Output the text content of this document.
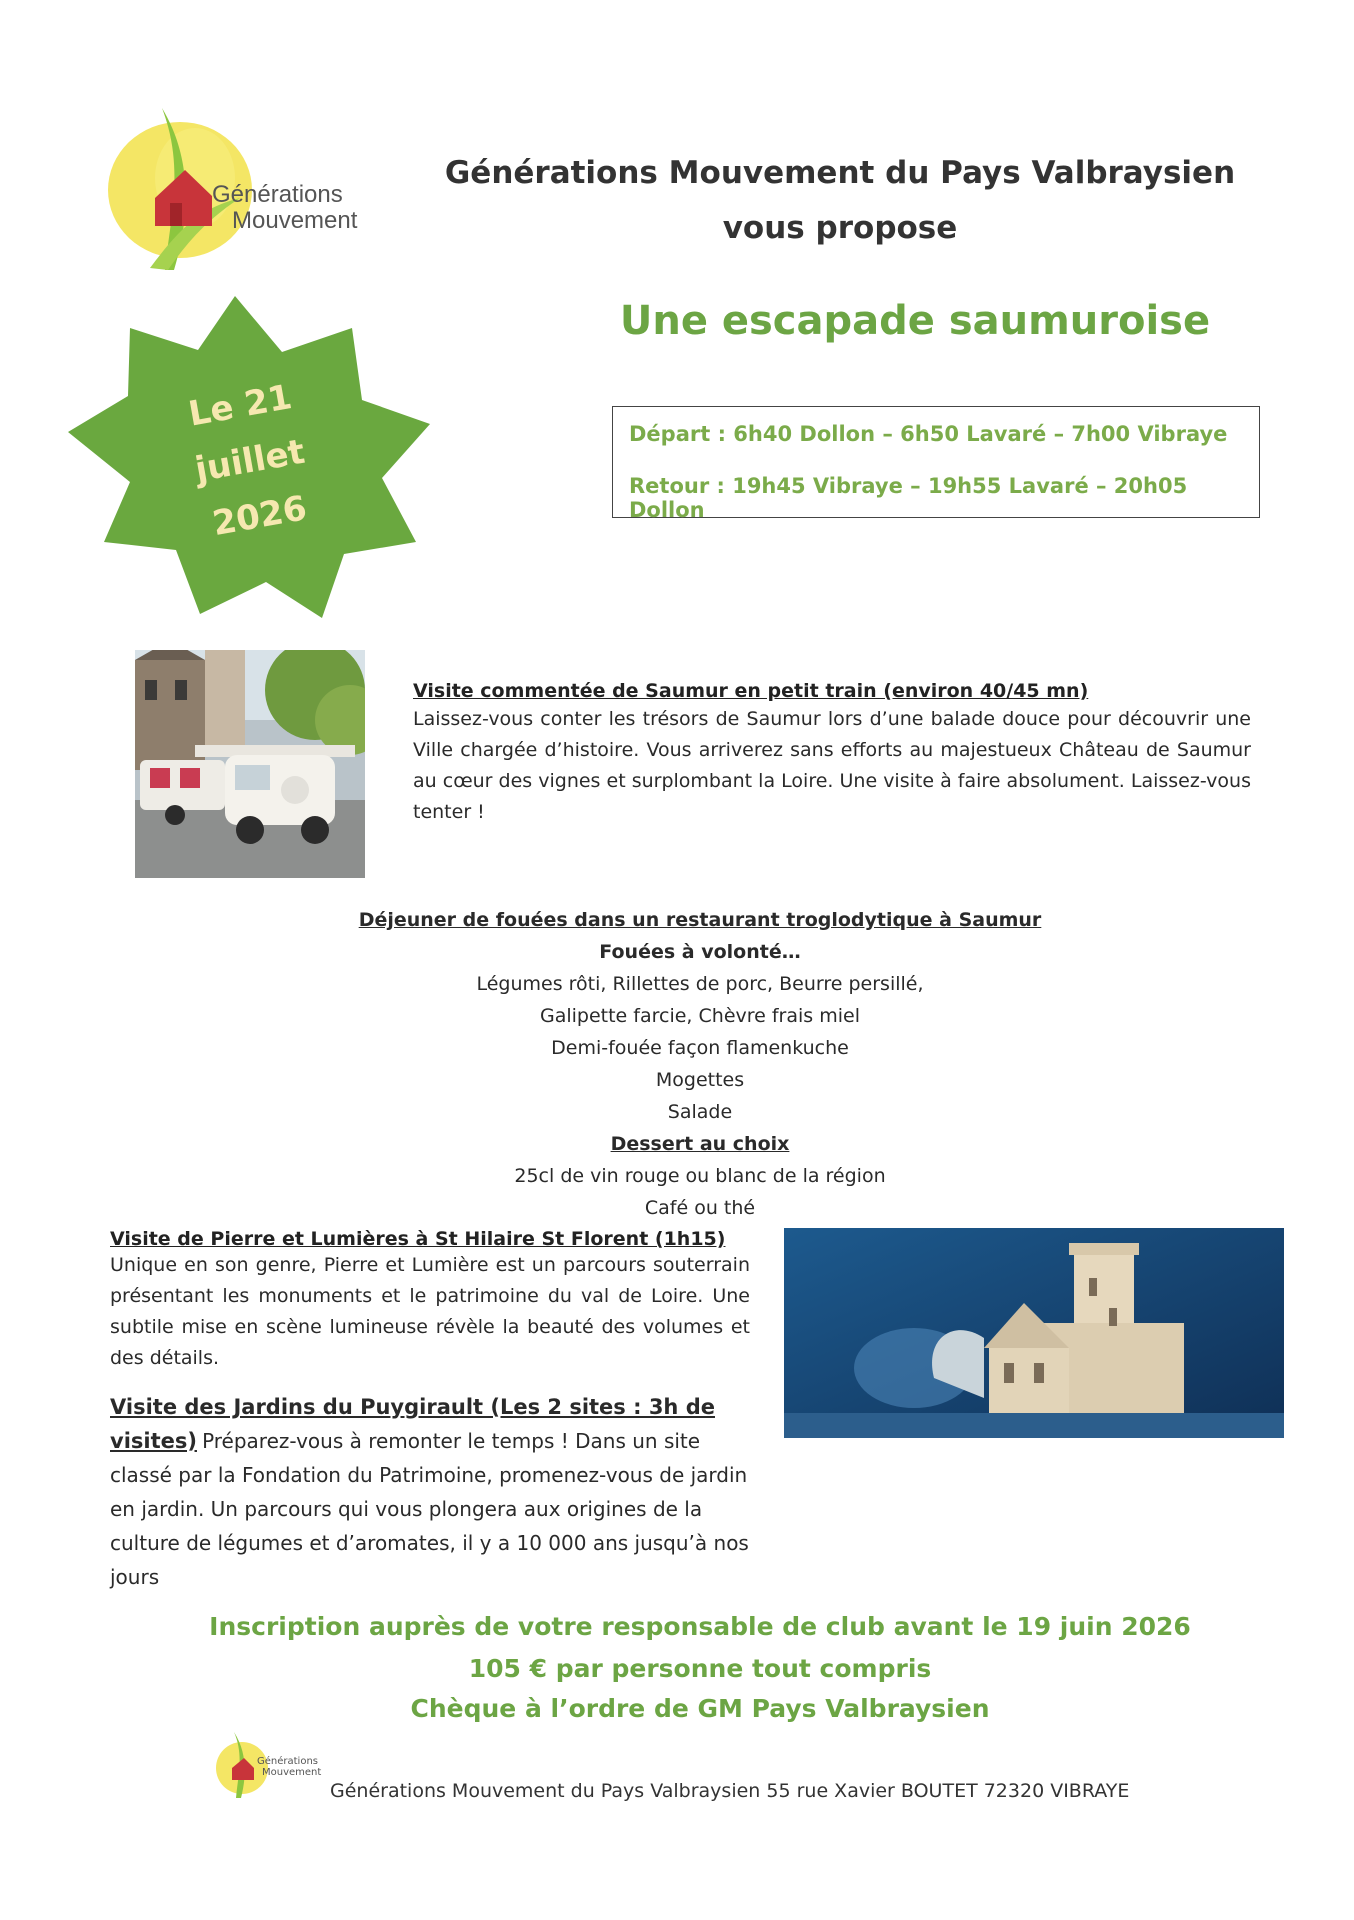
Générations
Mouvement
Générations Mouvement du Pays Valbraysien
vous propose
Une escapade saumuroise
Le 21 juillet
2026
Départ : 6h40 Dollon – 6h50 Lavaré – 7h00 Vibraye
Retour : 19h45 Vibraye – 19h55 Lavaré – 20h05 Dollon
Visite commentée de Saumur en petit train (environ 40/45 mn)
Laissez-vous conter les trésors de Saumur lors d’une balade douce pour découvrir une Ville chargée d’histoire. Vous arriverez sans efforts au majestueux Château de Saumur au cœur des vignes et surplombant la Loire. Une visite à faire absolument. Laissez-vous tenter !
Déjeuner de fouées dans un restaurant troglodytique à Saumur
Fouées à volonté…
Légumes rôti, Rillettes de porc, Beurre persillé,
Galipette farcie, Chèvre frais miel
Demi-fouée façon flamenkuche
Mogettes
Salade
Dessert au choix
25cl de vin rouge ou blanc de la région
Café ou thé
Visite de Pierre et Lumières à St Hilaire St Florent (1h15)
Unique en son genre, Pierre et Lumière est un parcours souterrain présentant les monuments et le patrimoine du val de Loire. Une subtile mise en scène lumineuse révèle la beauté des volumes et des détails.
Visite des Jardins du Puygirault (Les 2 sites : 3h de visites) Préparez-vous à remonter le temps ! Dans un site classé par la Fondation du Patrimoine, promenez-vous de jardin en jardin. Un parcours qui vous plongera aux origines de la culture de légumes et d’aromates, il y a 10 000 ans jusqu’à nos jours
Inscription auprès de votre responsable de club avant le 19 juin 2026
105 € par personne tout compris
Chèque à l’ordre de GM Pays Valbraysien
Générations
Mouvement
Générations Mouvement du Pays Valbraysien 55 rue Xavier BOUTET 72320 VIBRAYE
